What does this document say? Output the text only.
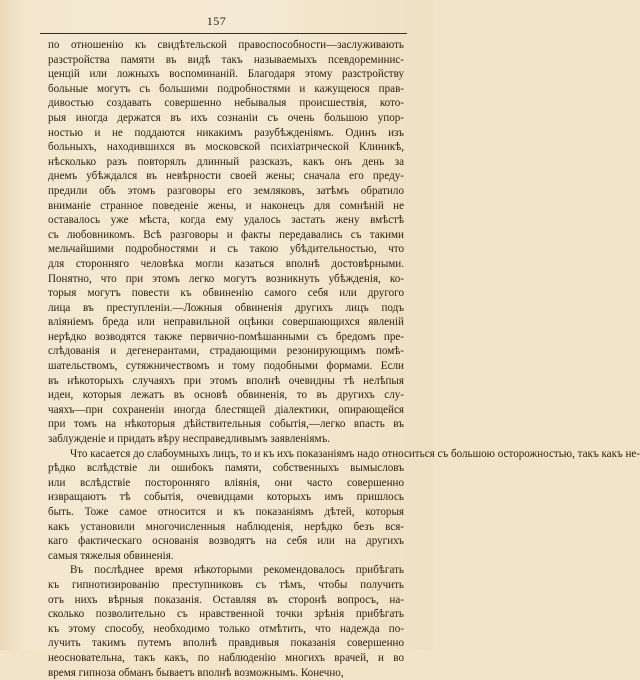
157
по отношенію къ свидѣтельской правоспособности—заслуживають
разстройства памяти въ видѣ такъ называемыхъ псевдореминис-
ценцій или ложныхъ воспоминаній. Благодаря этому разстройству
больные могутъ съ большими подробностями и кажущеюся прав-
дивостью создавать совершенно небывалыя происшествія, кото-
рыя иногда держатся въ ихъ сознаніи съ очень большою упор-
ностью и не поддаются никакимъ разубѣжденіямъ. Одинъ изъ
больныхъ, находившихся въ московской психіатрической Клиникѣ,
нѣсколько разъ повторялъ длинный разсказъ, какъ онъ день за
днемъ убѣждался въ невѣрности своей жены; сначала его преду-
предили объ этомъ разговоры его земляковъ, затѣмъ обратило
вниманіе странное поведеніе жены, и наконецъ для сомнѣній не
оставалось уже мѣста, когда ему удалось застать жену вмѣстѣ
съ любовникомъ. Всѣ разговоры и факты передавались съ такими
мельчайшими подробностями и съ такою убѣдительностью, что
для сторонняго человѣка могли казаться вполнѣ достовѣрными.
Понятно, что при этомъ легко могутъ возникнуть убѣжденія, ко-
торыя могутъ повести къ обвиненію самого себя или другого
лица въ преступленіи.—Ложныя обвиненія другихъ лицъ подъ
вліяніемъ бреда или неправильной оцѣнки совершающихся явленій
нерѣдко возводятся также первично-помѣшанными съ бредомъ пре-
слѣдованія и дегенерантами, страдающими резонирующимъ помѣ-
шательствомъ, сутяжничествомъ и тому подобными формами. Если
въ нѣкоторыхъ случаяхъ при этомъ вполнѣ очевидны тѣ нелѣпыя
идеи, которыя лежатъ въ основѣ обвиненія, то въ другихъ слу-
чаяхъ—при сохраненіи иногда блестящей діалектики, опирающейся
при томъ на нѣкоторыя дѣйствительныя событія,—легко впасть въ
заблужденіе и придать вѣру несправедливымъ заявленіямъ.
Что касается до слабоумныхъ лицъ, то и къ ихъ показаніямъ надо относиться съ большою осторожностью, такъ какъ не-
рѣдко вслѣдствіе ли ошибокъ памяти, собственныхъ вымысловъ
или вслѣдствіе посторонняго вліянія, они часто совершенно
извращаютъ тѣ событія, очевидцами которыхъ имъ пришлось
быть. Тоже самое относится и къ показаніямъ дѣтей, которыя
какъ установили многочисленныя наблюденія, нерѣдко безъ вся-
каго фактическаго основанія возводятъ на себя или на другихъ
самыя тяжелыя обвиненія.
Въ послѣднее время нѣкоторыми рекомендовалось прибѣгать
къ гипнотизированію преступниковъ съ тѣмъ, чтобы получить
отъ нихъ вѣрныя показанія. Оставляя въ сторонѣ вопросъ, на-
сколько позволительно съ нравственной точки зрѣнія прибѣгать
къ этому способу, необходимо только отмѣтить, что надежда по-
лучить такимъ путемъ вполнѣ правдивыя показанія совершенно
неосновательна, такъ какъ, по наблюденію многихъ врачей, и во
время гипноза обманъ бываетъ вполнѣ возможнымъ. Конечно,
